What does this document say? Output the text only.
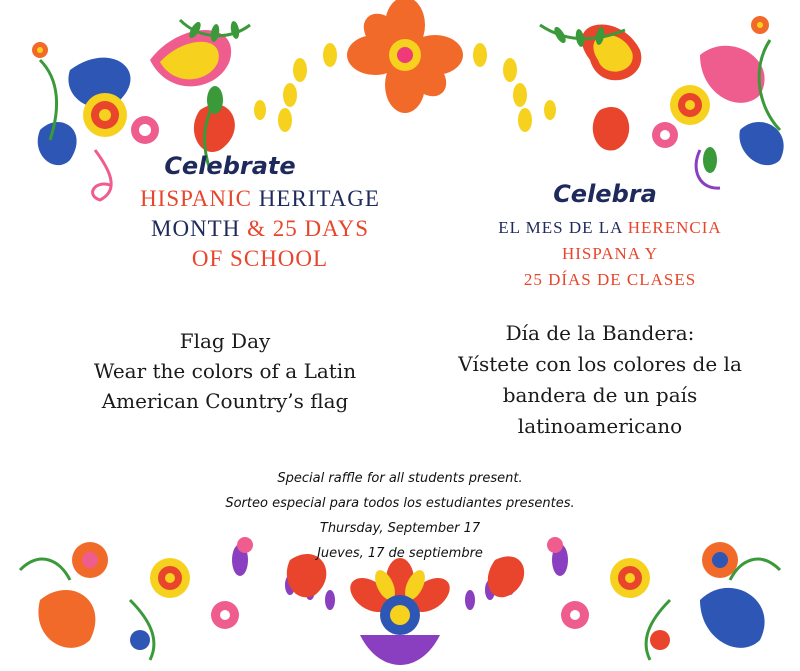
Celebrate
HISPANIC HERITAGE
MONTH & 25 DAYS
OF SCHOOL
Flag Day
Wear the colors of a Latin
American Country’s flag
Celebra
EL MES DE LA HERENCIA
HISPANA Y
25 DÍAS DE CLASES
Día de la Bandera:
Vístete con los colores de la
bandera de un país
latinoamericano
Special raffle for all students present.
Sorteo especial para todos los estudiantes presentes.
Thursday, September 17
Jueves, 17 de septiembre
